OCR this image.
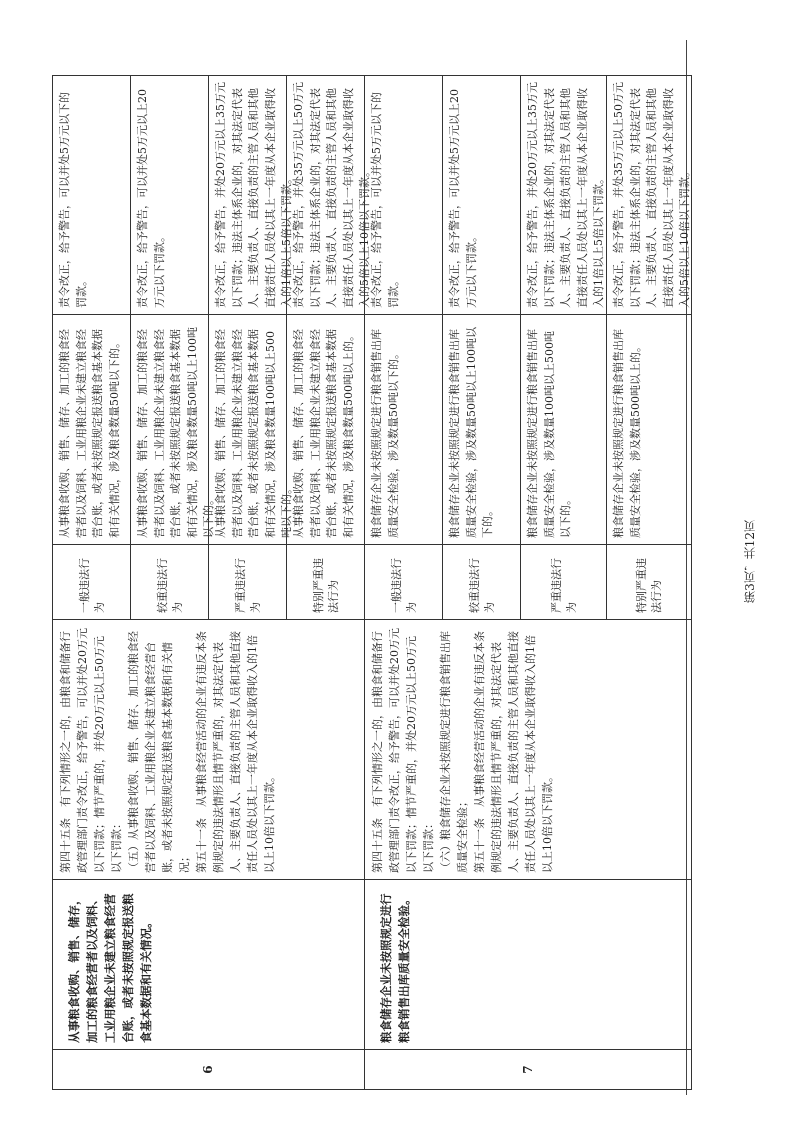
6
从事粮食收购、销售、储存，加工的粮食经营者以及饲料、工业用粮企业未建立粮食经营台账，或者未按照规定报送粮食基本数据和有关情况。

第四十五条　有下列情形之一的，由粮食和储备行政管理部门责令改正，给予警告，可以并处20万元以下罚款；情节严重的，并处20万元以上50万元以下罚款： （五）从事粮食收购、销售、储存、加工的粮食经营者以及饲料、工业用粮企业未建立粮食经营台账，或者未按照规定报送粮食基本数据和有关情况； 第五十一条　从事粮食经营活动的企业有违反本条例规定的违法情形且情节严重的，对其法定代表人、主要负责人、直接负责的主管人员和其他直接责任人员处以其上一年度从本企业取得收入的1倍以上10倍以下罚款。

一般违法行为
从事粮食收购、销售、储存、加工的粮食经营者以及饲料、工业用粮企业未建立粮食经营台账，或者未按照规定报送粮食基本数据和有关情况，涉及粮食数量50吨以下的。
责令改正，给予警告，可以并处5万元以下的罚款。
较重违法行为
从事粮食收购、销售、储存、加工的粮食经营者以及饲料、工业用粮企业未建立粮食经营台账，或者未按照规定报送粮食基本数据和有关情况，涉及粮食数量50吨以上100吨以下的。
责令改正，给予警告，可以并处5万元以上20万元以下罚款。
严重违法行为
从事粮食收购、销售、储存、加工的粮食经营者以及饲料、工业用粮企业未建立粮食经营台账，或者未按照规定报送粮食基本数据和有关情况，涉及粮食数量100吨以上500吨以下的。
责令改正，给予警告，并处20万元以上35万元以下罚款；违法主体系企业的，对其法定代表人、主要负责人、直接负责的主管人员和其他直接责任人员处以其上一年度从本企业取得收入的1倍以上5倍以下罚款。
特别严重违法行为
从事粮食收购、销售、储存、加工的粮食经营者以及饲料、工业用粮企业未建立粮食经营台账，或者未按照规定报送粮食基本数据和有关情况，涉及粮食数量500吨以上的。
责令改正，给予警告，并处35万元以上50万元以下罚款；违法主体系企业的，对其法定代表人、主要负责人、直接负责的主管人员和其他直接责任人员处以其上一年度从本企业取得收入的5倍以上10倍以下罚款。
7
粮食储存企业未按照规定进行粮食销售出库质量安全检验。

第四十五条　有下列情形之一的，由粮食和储备行政管理部门责令改正，给予警告，可以并处20万元以下罚款；情节严重的，并处20万元以上50万元以下罚款： （六）粮食储存企业未按照规定进行粮食销售出库质量安全检验； 第五十一条　从事粮食经营活动的企业有违反本条例规定的违法情形且情节严重的，对其法定代表人、主要负责人、直接负责的主管人员和其他直接责任人员处以其上一年度从本企业取得收入的1倍以上10倍以下罚款。

一般违法行为
粮食储存企业未按照规定进行粮食销售出库质量安全检验，涉及数量50吨以下的。
责令改正，给予警告，可以并处5万元以下的罚款。
较重违法行为
粮食储存企业未按照规定进行粮食销售出库质量安全检验，涉及数量50吨以上100吨以下的。
责令改正，给予警告，可以并处5万元以上20万元以下罚款。
严重违法行为
粮食储存企业未按照规定进行粮食销售出库质量安全检验，涉及数量100吨以上500吨以下的。
责令改正，给予警告，并处20万元以上35万元以下罚款；违法主体系企业的，对其法定代表人、主要负责人、直接负责的主管人员和其他直接责任人员处以其上一年度从本企业取得收入的1倍以上5倍以下罚款。
特别严重违法行为
粮食储存企业未按照规定进行粮食销售出库质量安全检验，涉及数量500吨以上的。
责令改正，给予警告，并处35万元以上50万元以下罚款；违法主体系企业的，对其法定代表人、主要负责人、直接负责的主管人员和其他直接责任人员处以其上一年度从本企业取得收入的5倍以上10倍以下罚款。
第3页，共12页
